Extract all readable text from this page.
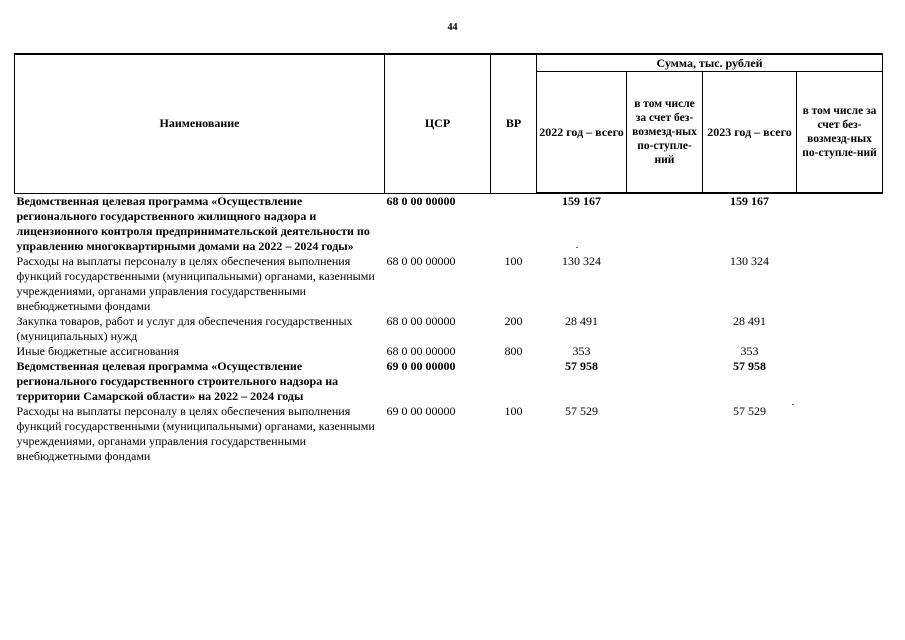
44
Наименование	ЦСР	ВР	Сумма, тыс. рублей			
			2022 год – всего	в том числе за счет без-возмезд-ных по-ступле-ний	2023 год – всего	в том числе за счет без-возмезд-ных по-ступле-ний
Ведомственная целевая программа «Осуществление регионального государственного жилищного надзора и лицензионного контроля предпринимательской деятельности по управлению многоквартирными домами на 2022 – 2024 годы»	68 0 00 00000		159 167		159 167	
Расходы на выплаты персоналу в целях обеспечения выполнения функций государственными (муниципальными) органами, казенными учреждениями, органами управления государственными внебюджетными фондами	68 0 00 00000	100	130 324		130 324	
Закупка товаров, работ и услуг для обеспечения государственных (муниципальных) нужд	68 0 00 00000	200	28 491		28 491	
Иные бюджетные ассигнования	68 0 00 00000	800	353		353	
Ведомственная целевая программа «Осуществление регионального государственного строительного надзора на территории Самарской области» на 2022 – 2024 годы	69 0 00 00000		57 958		57 958	
Расходы на выплаты персоналу в целях обеспечения выполнения функций государственными (муниципальными) органами, казенными учреждениями, органами управления государственными внебюджетными фондами	69 0 00 00000	100	57 529		57 529	
